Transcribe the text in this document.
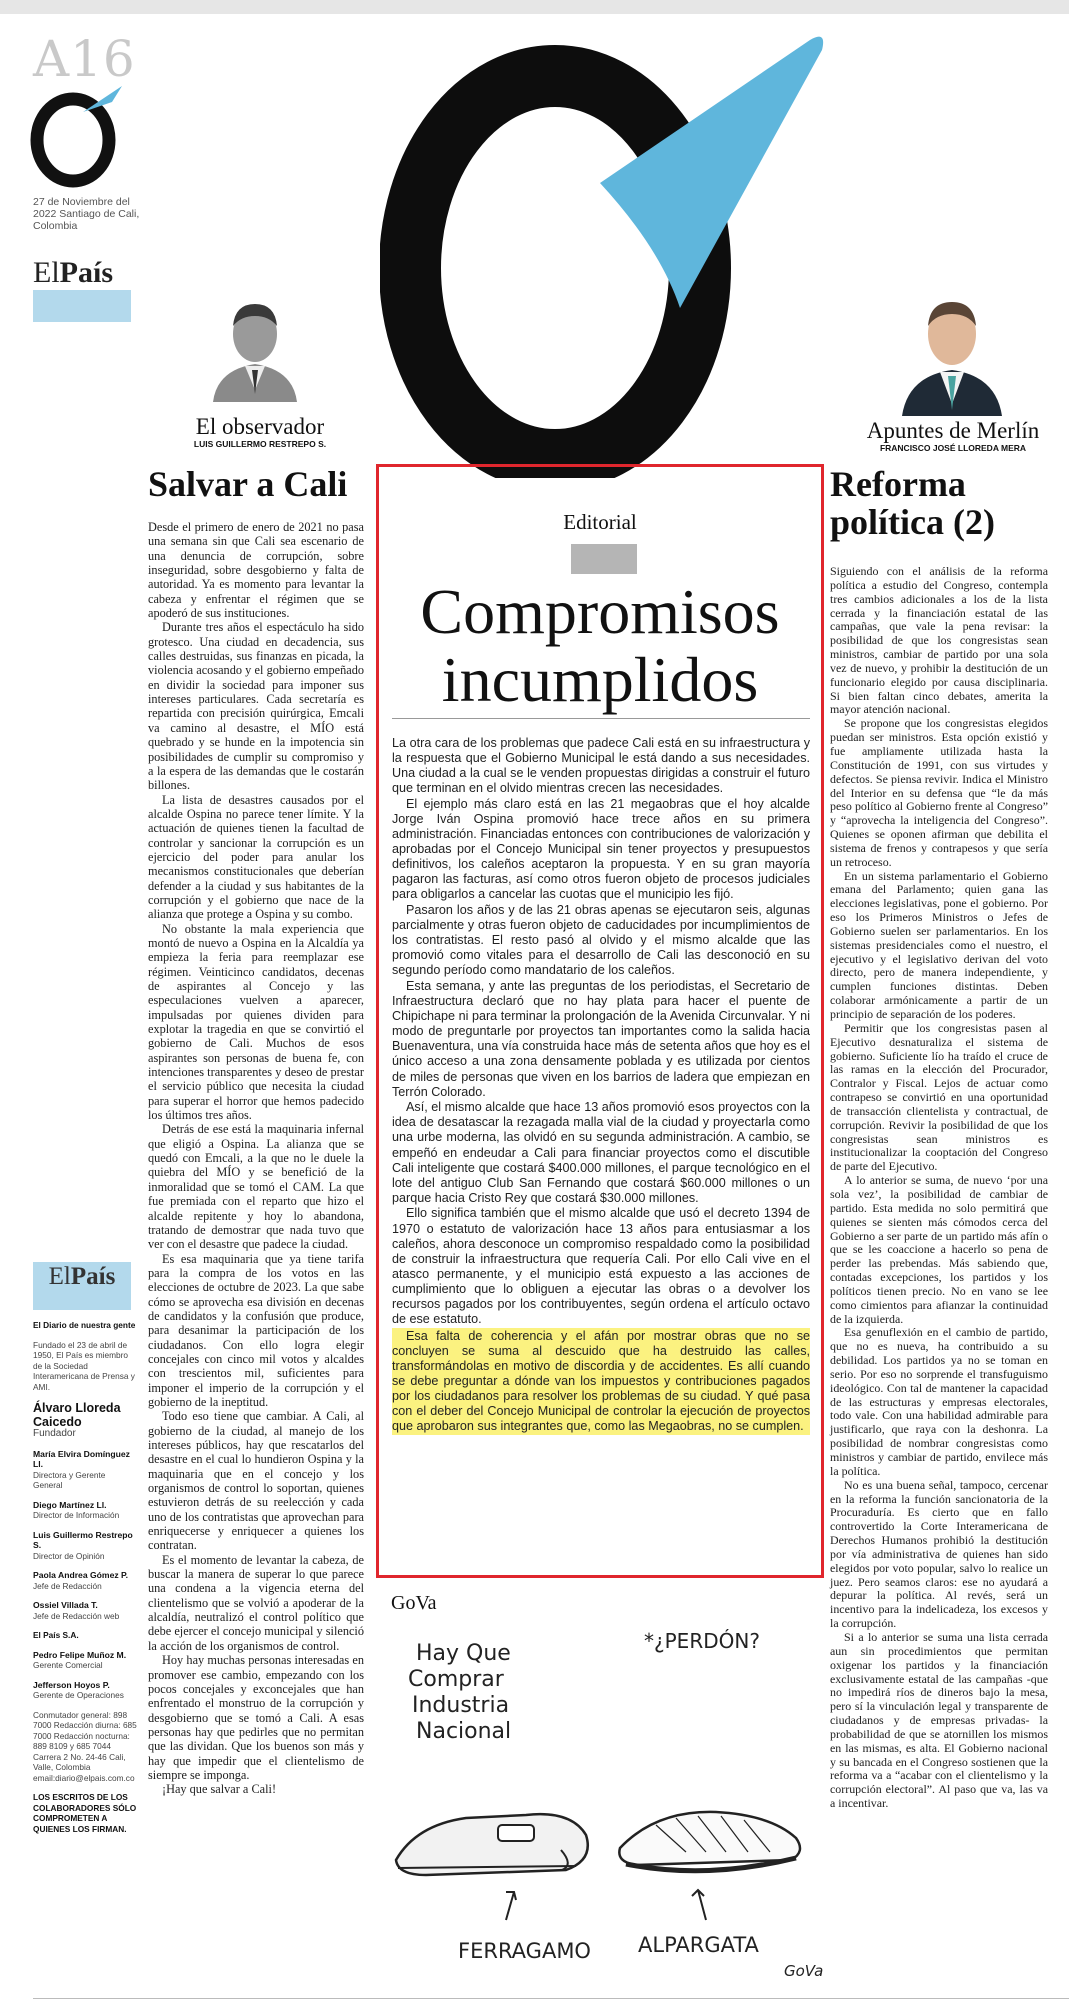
A16
27 de Noviembre del 2022 Santiago de Cali, Colombia
ElPaís
El observador
LUIS GUILLERMO RESTREPO S.
Salvar a Cali

Desde el primero de enero de 2021 no pasa una semana sin que Cali sea escenario de una denuncia de corrupción, sobre inseguridad, sobre desgobierno y falta de autoridad. Ya es momento para levantar la cabeza y enfrentar el régimen que se apoderó de sus instituciones.

Durante tres años el espectáculo ha sido grotesco. Una ciudad en decadencia, sus calles destruidas, sus finanzas en picada, la violencia acosando y el gobierno empeñado en dividir la sociedad para imponer sus intereses particulares. Cada secretaría es repartida con precisión quirúrgica, Emcali va camino al desastre, el MÍO está quebrado y se hunde en la impotencia sin posibilidades de cumplir su compromiso y a la espera de las demandas que le costarán billones.

La lista de desastres causados por el alcalde Ospina no parece tener límite. Y la actuación de quienes tienen la facultad de controlar y sancionar la corrupción es un ejercicio del poder para anular los mecanismos constitucionales que deberían defender a la ciudad y sus habitantes de la corrupción y el gobierno que nace de la alianza que protege a Ospina y su combo.

No obstante la mala experiencia que montó de nuevo a Ospina en la Alcaldía ya empieza la feria para reemplazar ese régimen. Veinticinco candidatos, decenas de aspirantes al Concejo y las especulaciones vuelven a aparecer, impulsadas por quienes dividen para explotar la tragedia en que se convirtió el gobierno de Cali. Muchos de esos aspirantes son personas de buena fe, con intenciones transparentes y deseo de prestar el servicio público que necesita la ciudad para superar el horror que hemos padecido los últimos tres años.

Detrás de ese está la maquinaria infernal que eligió a Ospina. La alianza que se quedó con Emcali, a la que no le duele la quiebra del MÍO y se benefició de la inmoralidad que se tomó el CAM. La que fue premiada con el reparto que hizo el alcalde repitente y hoy lo abandona, tratando de demostrar que nada tuvo que ver con el desastre que padece la ciudad.

Es esa maquinaria que ya tiene tarifa para la compra de los votos en las elecciones de octubre de 2023. La que sabe cómo se aprovecha esa división en decenas de candidatos y la confusión que produce, para desanimar la participación de los ciudadanos. Con ello logra elegir concejales con cinco mil votos y alcaldes con trescientos mil, suficientes para imponer el imperio de la corrupción y el gobierno de la ineptitud.

Todo eso tiene que cambiar. A Cali, al gobierno de la ciudad, al manejo de los intereses públicos, hay que rescatarlos del desastre en el cual lo hundieron Ospina y la maquinaria que en el concejo y los organismos de control lo soportan, quienes estuvieron detrás de su reelección y cada uno de los contratistas que aprovechan para enriquecerse y enriquecer a quienes los contratan.

Es el momento de levantar la cabeza, de buscar la manera de superar lo que parece una condena a la vigencia eterna del clientelismo que se volvió a apoderar de la alcaldía, neutralizó el control político que debe ejercer el concejo municipal y silenció la acción de los organismos de control.

Hoy hay muchas personas interesadas en promover ese cambio, empezando con los pocos concejales y exconcejales que han enfrentado el monstruo de la corrupción y desgobierno que se tomó a Cali. A esas personas hay que pedirles que no permitan que las dividan. Que los buenos son más y hay que impedir que el clientelismo de siempre se imponga.

¡Hay que salvar a Cali!

ElPaís
El Diario de nuestra gente
Fundado el 23 de abril de 1950, El País es miembro de la Sociedad Interamericana de Prensa y AMI.
Álvaro Lloreda Caicedo
Fundador
María Elvira Domínguez Ll.
Directora y Gerente General
Diego Martínez Ll.
Director de Información
Luis Guillermo Restrepo S.
Director de Opinión
Paola Andrea Gómez P.
Jefe de Redacción
Ossiel Villada T.
Jefe de Redacción web
El País S.A.
Pedro Felipe Muñoz M.
Gerente Comercial
Jefferson Hoyos P.
Gerente de Operaciones
Conmutador general: 898 7000 Redacción diurna: 685 7000 Redacción nocturna: 889 8109 y 685 7044 Carrera 2 No. 24-46 Cali, Valle, Colombia email:diario@elpais.com.co
LOS ESCRITOS DE LOS COLABORADORES SÓLO COMPROMETEN A QUIENES LOS FIRMAN.
Editorial
Compromisos incumplidos

La otra cara de los problemas que padece Cali está en su infraestructura y la respuesta que el Gobierno Municipal le está dando a sus necesidades. Una ciudad a la cual se le venden propuestas dirigidas a construir el futuro que terminan en el olvido mientras crecen las necesidades.

El ejemplo más claro está en las 21 megaobras que el hoy alcalde Jorge Iván Ospina promovió hace trece años en su primera administración. Financiadas entonces con contribuciones de valorización y aprobadas por el Concejo Municipal sin tener proyectos y presupuestos definitivos, los caleños aceptaron la propuesta. Y en su gran mayoría pagaron las facturas, así como otros fueron objeto de procesos judiciales para obligarlos a cancelar las cuotas que el municipio les fijó.

Pasaron los años y de las 21 obras apenas se ejecutaron seis, algunas parcialmente y otras fueron objeto de caducidades por incumplimientos de los contratistas. El resto pasó al olvido y el mismo alcalde que las promovió como vitales para el desarrollo de Cali las desconoció en su segundo período como mandatario de los caleños.

Esta semana, y ante las preguntas de los periodistas, el Secretario de Infraestructura declaró que no hay plata para hacer el puente de Chipichape ni para terminar la prolongación de la Avenida Circunvalar. Y ni modo de preguntarle por proyectos tan importantes como la salida hacia Buenaventura, una vía construida hace más de setenta años que hoy es el único acceso a una zona densamente poblada y es utilizada por cientos de miles de personas que viven en los barrios de ladera que empiezan en Terrón Colorado.

Así, el mismo alcalde que hace 13 años promovió esos proyectos con la idea de desatascar la rezagada malla vial de la ciudad y proyectarla como una urbe moderna, las olvidó en su segunda administración. A cambio, se empeñó en endeudar a Cali para financiar proyectos como el discutible Cali inteligente que costará $400.000 millones, el parque tecnológico en el lote del antiguo Club San Fernando que costará $60.000 millones o un parque hacia Cristo Rey que costará $30.000 millones.

Ello significa también que el mismo alcalde que usó el decreto 1394 de 1970 o estatuto de valorización hace 13 años para entusiasmar a los caleños, ahora desconoce un compromiso respaldado como la posibilidad de construir la infraestructura que requería Cali. Por ello Cali vive en el atasco permanente, y el municipio está expuesto a las acciones de cumplimiento que lo obliguen a ejecutar las obras o a devolver los recursos pagados por los contribuyentes, según ordena el artículo octavo de ese estatuto.

Esa falta de coherencia y el afán por mostrar obras que no se concluyen se suma al descuido que ha destruido las calles, transformándolas en motivo de discordia y de accidentes. Es allí cuando se debe preguntar a dónde van los impuestos y contribuciones pagados por los ciudadanos para resolver los problemas de su ciudad. Y qué pasa con el deber del Concejo Municipal de controlar la ejecución de proyectos que aprobaron sus integrantes que, como las Megaobras, no se cumplen.

GoVa
Hay Que Comprar Industria Nacional
*¿PERDÓN?
FERRAGAMO ALPARGATA
GoVa
Apuntes de Merlín
FRANCISCO JOSÉ LLOREDA MERA
Reforma política (2)

Siguiendo con el análisis de la reforma política a estudio del Congreso, contempla tres cambios adicionales a los de la lista cerrada y la financiación estatal de las campañas, que vale la pena revisar: la posibilidad de que los congresistas sean ministros, cambiar de partido por una sola vez de nuevo, y prohibir la destitución de un funcionario elegido por causa disciplinaria. Si bien faltan cinco debates, amerita la mayor atención nacional.

Se propone que los congresistas elegidos puedan ser ministros. Esta opción existió y fue ampliamente utilizada hasta la Constitución de 1991, con sus virtudes y defectos. Se piensa revivir. Indica el Ministro del Interior en su defensa que “le da más peso político al Gobierno frente al Congreso” y “aprovecha la inteligencia del Congreso”. Quienes se oponen afirman que debilita el sistema de frenos y contrapesos y que sería un retroceso.

En un sistema parlamentario el Gobierno emana del Parlamento; quien gana las elecciones legislativas, pone el gobierno. Por eso los Primeros Ministros o Jefes de Gobierno suelen ser parlamentarios. En los sistemas presidenciales como el nuestro, el ejecutivo y el legislativo derivan del voto directo, pero de manera independiente, y cumplen funciones distintas. Deben colaborar armónicamente a partir de un principio de separación de los poderes.

Permitir que los congresistas pasen al Ejecutivo desnaturaliza el sistema de gobierno. Suficiente lío ha traído el cruce de las ramas en la elección del Procurador, Contralor y Fiscal. Lejos de actuar como contrapeso se convirtió en una oportunidad de transacción clientelista y contractual, de corrupción. Revivir la posibilidad de que los congresistas sean ministros es institucionalizar la cooptación del Congreso de parte del Ejecutivo.

A lo anterior se suma, de nuevo ‘por una sola vez’, la posibilidad de cambiar de partido. Esta medida no solo permitirá que quienes se sienten más cómodos cerca del Gobierno a ser parte de un partido más afín o que se les coaccione a hacerlo so pena de perder las prebendas. Más sabiendo que, contadas excepciones, los partidos y los políticos tienen precio. No en vano se lee como cimientos para afianzar la continuidad de la izquierda.

Esa genuflexión en el cambio de partido, que no es nueva, ha contribuido a su debilidad. Los partidos ya no se toman en serio. Por eso no sorprende el transfuguismo ideológico. Con tal de mantener la capacidad de las estructuras y empresas electorales, todo vale. Con una habilidad admirable para justificarlo, que raya con la deshonra. La posibilidad de nombrar congresistas como ministros y cambiar de partido, envilece más la política.

No es una buena señal, tampoco, cercenar en la reforma la función sancionatoria de la Procuraduría. Es cierto que en fallo controvertido la Corte Interamericana de Derechos Humanos prohibió la destitución por vía administrativa de quienes han sido elegidos por voto popular, salvo lo realice un juez. Pero seamos claros: ese no ayudará a depurar la política. Al revés, será un incentivo para la indelicadeza, los excesos y la corrupción.

Si a lo anterior se suma una lista cerrada aun sin procedimientos que permitan oxigenar los partidos y la financiación exclusivamente estatal de las campañas -que no impedirá ríos de dineros bajo la mesa, pero sí la vinculación legal y transparente de ciudadanos y de empresas privadas- la probabilidad de que se atornillen los mismos en las mismas, es alta. El Gobierno nacional y su bancada en el Congreso sostienen que la reforma va a “acabar con el clientelismo y la corrupción electoral”. Al paso que va, las va a incentivar.
